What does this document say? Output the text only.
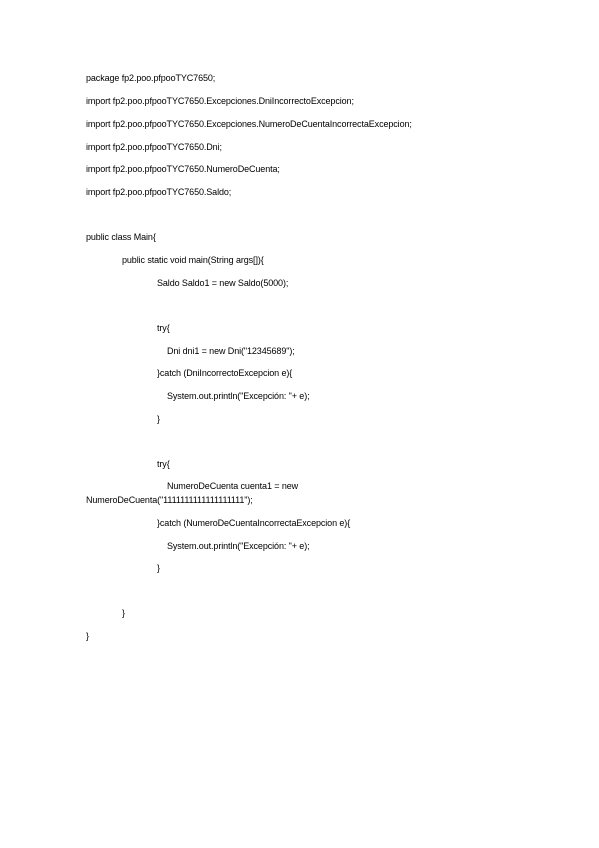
package fp2.poo.pfpooTYC7650;
import fp2.poo.pfpooTYC7650.Excepciones.DniIncorrectoExcepcion;
import fp2.poo.pfpooTYC7650.Excepciones.NumeroDeCuentaIncorrectaExcepcion;
import fp2.poo.pfpooTYC7650.Dni;
import fp2.poo.pfpooTYC7650.NumeroDeCuenta;
import fp2.poo.pfpooTYC7650.Saldo;
public class Main{
public static void main(String args[]){
Saldo Saldo1 = new Saldo(5000);
try{
Dni dni1 = new Dni("12345689");
}catch (DniIncorrectoExcepcion e){
System.out.println("Excepción: "+ e);
}
try{
NumeroDeCuenta cuenta1 = new
NumeroDeCuenta("1111111111111111111");
}catch (NumeroDeCuentaIncorrectaExcepcion e){
System.out.println("Excepción: "+ e);
}
}
}
